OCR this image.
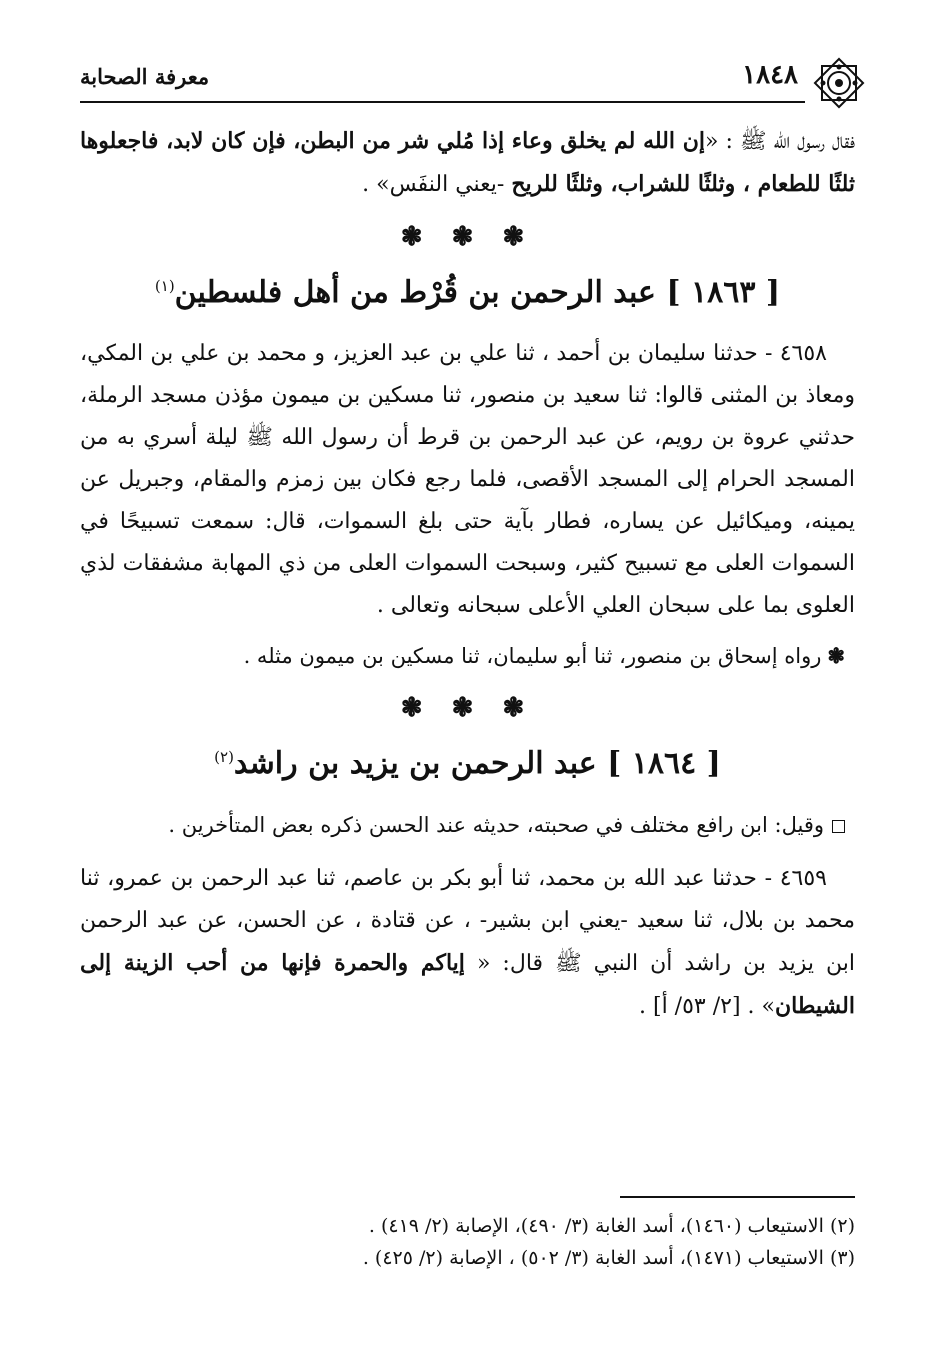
١٨٤٨
معرفة الصحابة

فقال رسول الله ﷺ : «إن الله لم يخلق وعاء إذا مُلي شر من البطن، فإن كان لابد، فاجعلوها ثلثًا للطعام ، وثلثًا للشراب، وثلثًا للريح -يعني النفَس» .

❃ ❃ ❃
[ ١٨٦٣ ] عبد الرحمن بن قُرْط من أهل فلسطين$^{(١)}$

٤٦٥٨ - حدثنا سليمان بن أحمد ، ثنا علي بن عبد العزيز، و محمد بن علي بن المكي، ومعاذ بن المثنى قالوا: ثنا سعيد بن منصور، ثنا مسكين بن ميمون مؤذن مسجد الرملة، حدثني عروة بن رويم، عن عبد الرحمن بن قرط أن رسول الله ﷺ ليلة أسري به من المسجد الحرام إلى المسجد الأقصى، فلما رجع فكان بين زمزم والمقام، وجبريل عن يمينه، وميكائيل عن يساره، فطار بآية حتى بلغ السموات، قال: سمعت تسبيحًا في السموات العلى مع تسبيح كثير، وسبحت السموات العلى من ذي المهابة مشفقات لذي العلوى بما على سبحان العلي الأعلى سبحانه وتعالى .

❃رواه إسحاق بن منصور، ثنا أبو سليمان، ثنا مسكين بن ميمون مثله .

❃ ❃ ❃
[ ١٨٦٤ ] عبد الرحمن بن يزيد بن راشد$^{(٢)}$

وقيل: ابن رافع مختلف في صحبته، حديثه عند الحسن ذكره بعض المتأخرين .

٤٦٥٩ - حدثنا عبد الله بن محمد، ثنا أبو بكر بن عاصم، ثنا عبد الرحمن بن عمرو، ثنا محمد بن بلال، ثنا سعيد -يعني ابن بشير- ، عن قتادة ، عن الحسن، عن عبد الرحمن ابن يزيد بن راشد أن النبي ﷺ قال: « إياكم والحمرة فإنها من أحب الزينة إلى الشيطان» . [٢/ ٥٣/ أ] .

(٢) الاستيعاب (١٤٦٠)، أسد الغابة (٣/ ٤٩٠)، الإصابة (٢/ ٤١٩) .

(٣) الاستيعاب (١٤٧١)، أسد الغابة (٣/ ٥٠٢) ، الإصابة (٢/ ٤٢٥) .
